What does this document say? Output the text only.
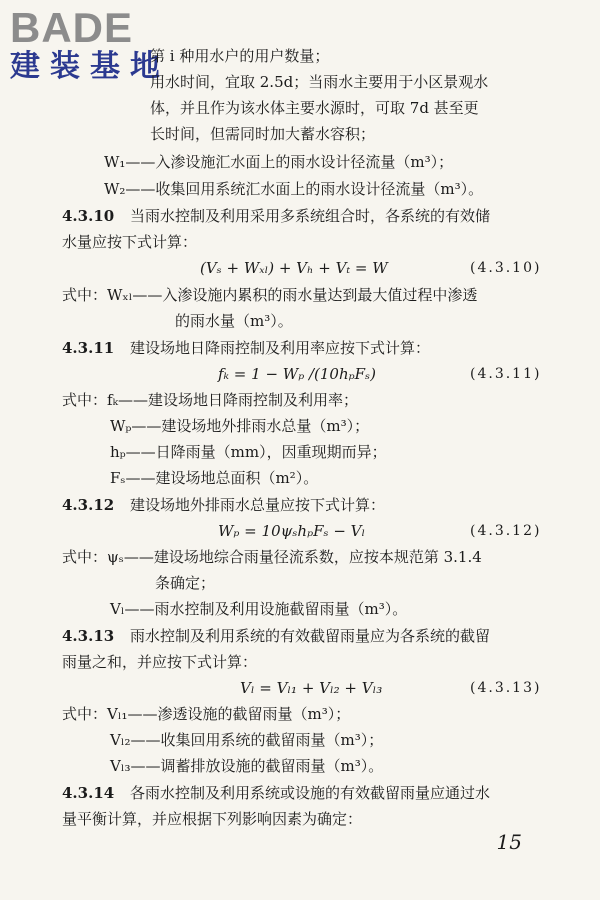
BADE
建装基地
第 i 种用水户的用户数量；
用水时间，宜取 2.5d；当雨水主要用于小区景观水
体，并且作为该水体主要水源时，可取 7d 甚至更
长时间，但需同时加大蓄水容积；
W₁——入渗设施汇水面上的雨水设计径流量（m³）；
W₂——收集回用系统汇水面上的雨水设计径流量（m³）。
4.3.10 当雨水控制及利用采用多系统组合时，各系统的有效储
水量应按下式计算：
(Vₛ + Wₓₗ) + Vₕ + Vₜ = W	(4.3.10)
式中：Wₓₗ——入渗设施内累积的雨水量达到最大值过程中渗透
的雨水量（m³）。
4.3.11 建设场地日降雨控制及利用率应按下式计算：
fₖ = 1 − Wₚ /(10hₚFₛ)	(4.3.11)
式中：fₖ——建设场地日降雨控制及利用率；
Wₚ——建设场地外排雨水总量（m³）；
hₚ——日降雨量（mm），因重现期而异；
Fₛ——建设场地总面积（m²）。
4.3.12 建设场地外排雨水总量应按下式计算：
Wₚ = 10ψₛhₚFₛ − Vₗ	(4.3.12)
式中：ψₛ——建设场地综合雨量径流系数，应按本规范第 3.1.4
条确定；
Vₗ——雨水控制及利用设施截留雨量（m³）。
4.3.13 雨水控制及利用系统的有效截留雨量应为各系统的截留
雨量之和，并应按下式计算：
Vₗ = Vₗ₁ + Vₗ₂ + Vₗ₃	(4.3.13)
式中：Vₗ₁——渗透设施的截留雨量（m³）；
Vₗ₂——收集回用系统的截留雨量（m³）；
Vₗ₃——调蓄排放设施的截留雨量（m³）。
4.3.14 各雨水控制及利用系统或设施的有效截留雨量应通过水
量平衡计算，并应根据下列影响因素为确定：
15
